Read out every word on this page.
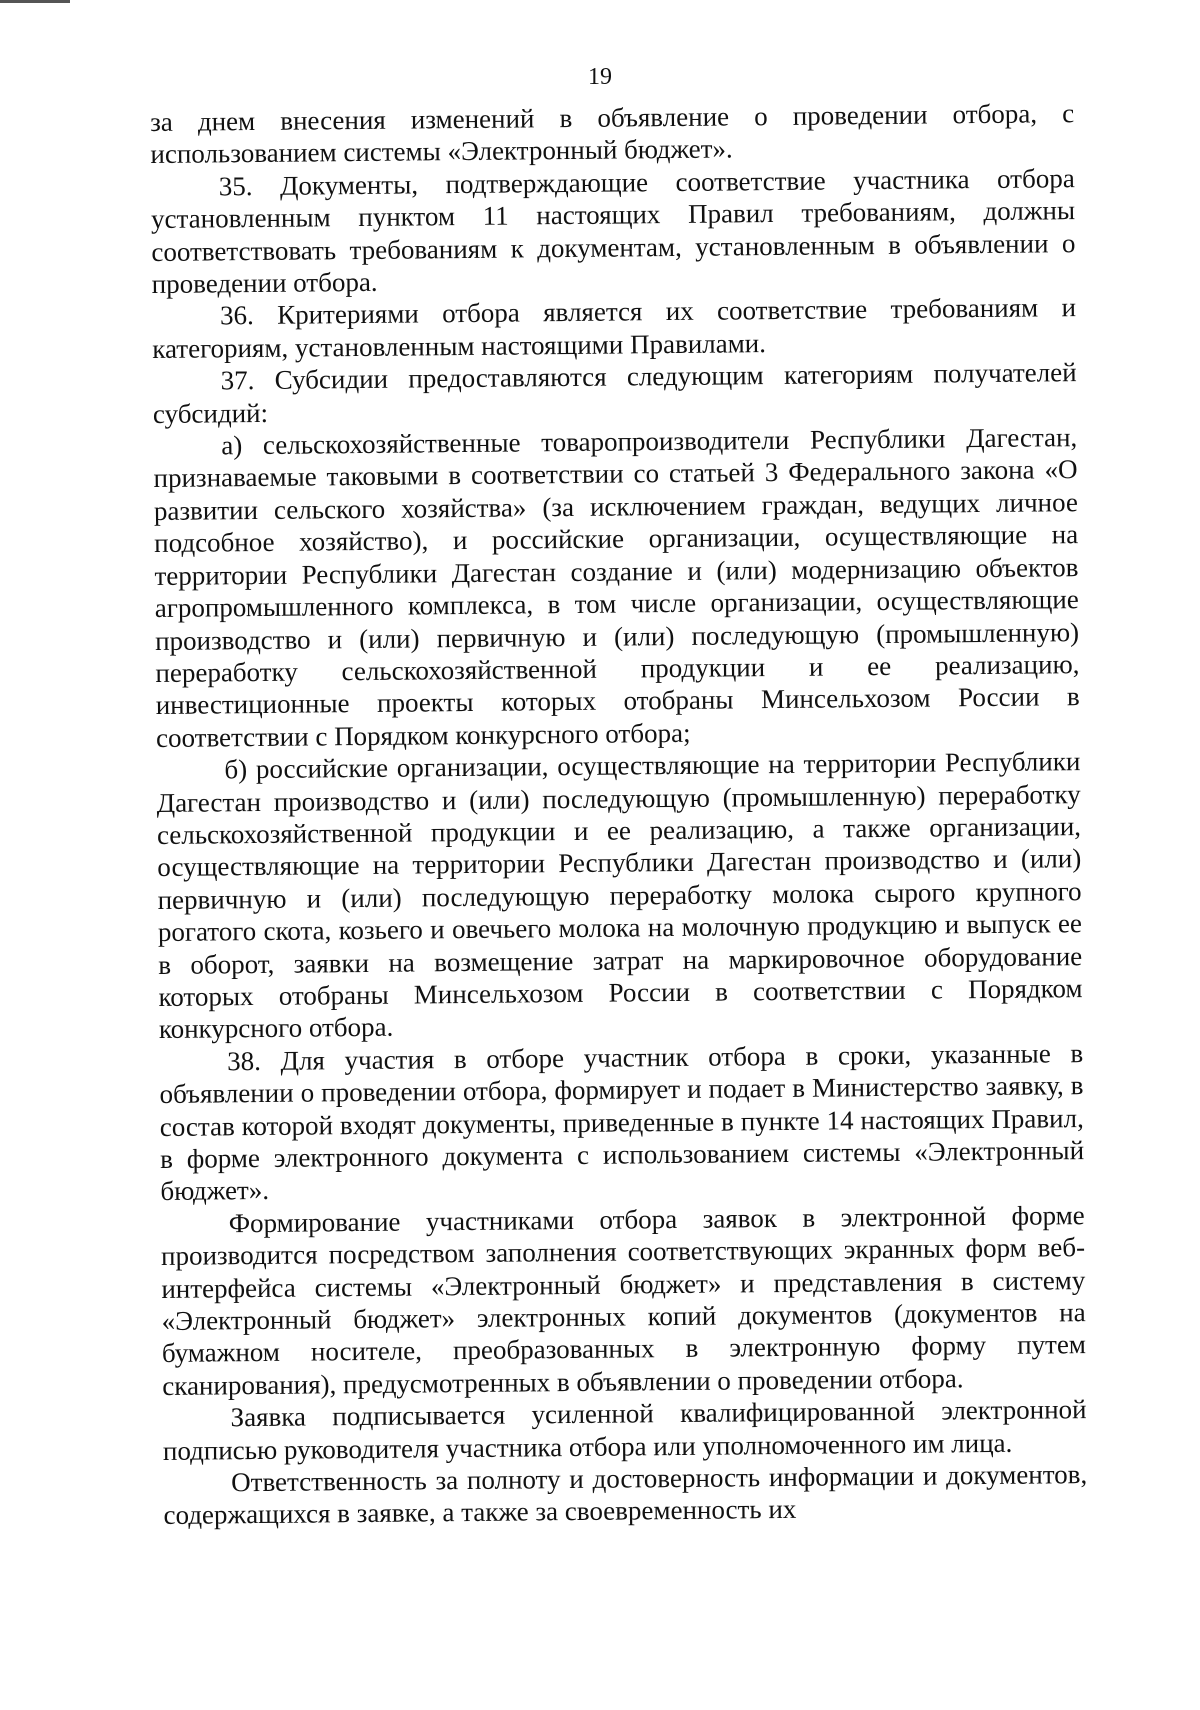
19

за днем внесения изменений в объявление о проведении отбора, с использованием системы «Электронный бюджет».

35. Документы, подтверждающие соответствие участника отбора установленным пунктом 11 настоящих Правил требованиям, должны соответствовать требованиям к документам, установленным в объявлении о проведении отбора.

36. Критериями отбора является их соответствие требованиям и категориям, установленным настоящими Правилами.

37. Субсидии предоставляются следующим категориям получателей субсидий:

а) сельскохозяйственные товаропроизводители Республики Дагестан, признаваемые таковыми в соответствии со статьей 3 Федерального закона «О развитии сельского хозяйства» (за исключением граждан, ведущих личное подсобное хозяйство), и российские организации, осуществляющие на территории Республики Дагестан создание и (или) модернизацию объектов агропромышленного комплекса, в том числе организации, осуществляющие производство и (или) первичную и (или) последующую (промышленную) переработку сельскохозяйственной продукции и ее реализацию, инвестиционные проекты которых отобраны Минсельхозом России в соответствии с Порядком конкурсного отбора;

б) российские организации, осуществляющие на территории Республики Дагестан производство и (или) последующую (промышленную) переработку сельскохозяйственной продукции и ее реализацию, а также организации, осуществляющие на территории Республики Дагестан производство и (или) первичную и (или) последующую переработку молока сырого крупного рогатого скота, козьего и овечьего молока на молочную продукцию и выпуск ее в оборот, заявки на возмещение затрат на маркировочное оборудование которых отобраны Минсельхозом России в соответствии с Порядком конкурсного отбора.

38. Для участия в отборе участник отбора в сроки, указанные в объявлении о проведении отбора, формирует и подает в Министерство заявку, в состав которой входят документы, приведенные в пункте 14 настоящих Правил, в форме электронного документа с использованием системы «Электронный бюджет».

Формирование участниками отбора заявок в электронной форме производится посредством заполнения соответствующих экранных форм веб-интерфейса системы «Электронный бюджет» и представления в систему «Электронный бюджет» электронных копий документов (документов на бумажном носителе, преобразованных в электронную форму путем сканирования), предусмотренных в объявлении о проведении отбора.

Заявка подписывается усиленной квалифицированной электронной подписью руководителя участника отбора или уполномоченного им лица.

Ответственность за полноту и достоверность информации и документов, содержащихся в заявке, а также за своевременность их
